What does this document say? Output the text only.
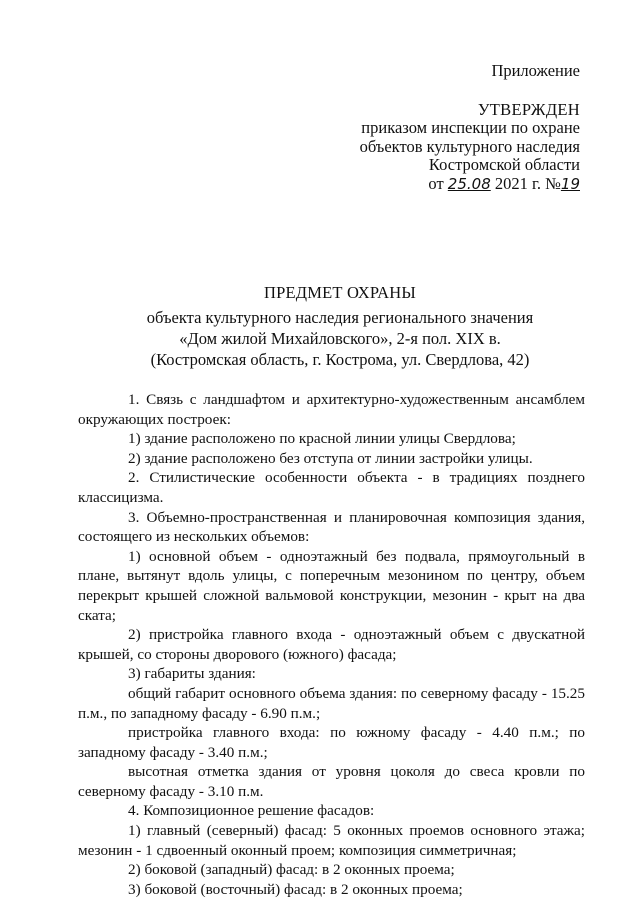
Приложение
УТВЕРЖДЕН
приказом инспекции по охране
объектов культурного наследия
Костромской области
от 25.08 2021 г. №19
ПРЕДМЕТ ОХРАНЫ
объекта культурного наследия регионального значения
«Дом жилой Михайловского», 2-я пол. XIX в.
(Костромская область, г. Кострома, ул. Свердлова, 42)

1. Связь с ландшафтом и архитектурно-художественным ансамблем окружающих построек:

1) здание расположено по красной линии улицы Свердлова;

2) здание расположено без отступа от линии застройки улицы.

2. Стилистические особенности объекта - в традициях позднего классицизма.

3. Объемно-пространственная и планировочная композиция здания, состоящего из нескольких объемов:

1) основной объем - одноэтажный без подвала, прямоугольный в плане, вытянут вдоль улицы, с поперечным мезонином по центру, объем перекрыт крышей сложной вальмовой конструкции, мезонин - крыт на два ската;

2) пристройка главного входа - одноэтажный объем с двускатной крышей, со стороны дворового (южного) фасада;

3) габариты здания:

общий габарит основного объема здания: по северному фасаду - 15.25 п.м., по западному фасаду - 6.90 п.м.;

пристройка главного входа: по южному фасаду - 4.40 п.м.; по западному фасаду - 3.40 п.м.;

высотная отметка здания от уровня цоколя до свеса кровли по северному фасаду - 3.10 п.м.

4. Композиционное решение фасадов:

1) главный (северный) фасад: 5 оконных проемов основного этажа; мезонин - 1 сдвоенный оконный проем; композиция симметричная;

2) боковой (западный) фасад: в 2 оконных проема;

3) боковой (восточный) фасад: в 2 оконных проема;
